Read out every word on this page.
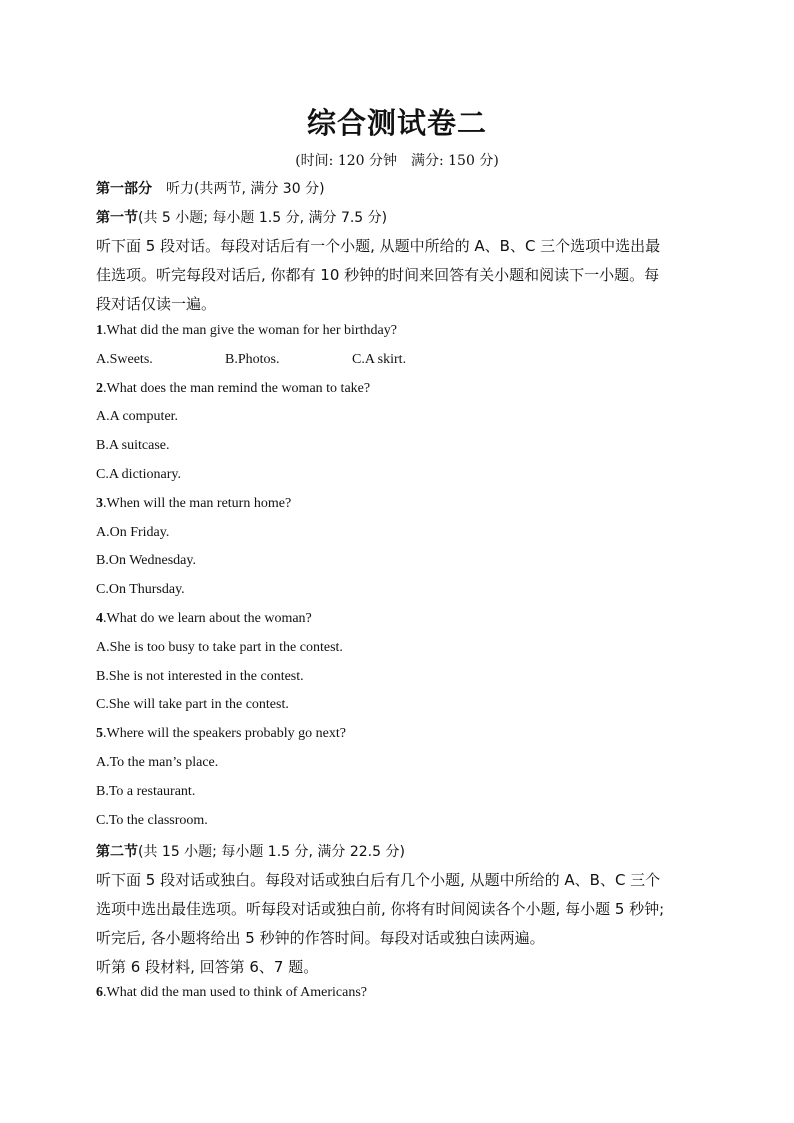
综合测试卷二
(时间: 120 分钟　满分: 150 分)
第一部分　听力(共两节, 满分 30 分)
第一节(共 5 小题; 每小题 1.5 分, 满分 7.5 分)
听下面 5 段对话。每段对话后有一个小题, 从题中所给的 A、B、C 三个选项中选出最
佳选项。听完每段对话后, 你都有 10 秒钟的时间来回答有关小题和阅读下一小题。每
段对话仅读一遍。
1.What did the man give the woman for her birthday?
A.Sweets.	B.Photos.	C.A skirt.
2.What does the man remind the woman to take?
A.A computer.
B.A suitcase.
C.A dictionary.
3.When will the man return home?
A.On Friday.
B.On Wednesday.
C.On Thursday.
4.What do we learn about the woman?
A.She is too busy to take part in the contest.
B.She is not interested in the contest.
C.She will take part in the contest.
5.Where will the speakers probably go next?
A.To the man’s place.
B.To a restaurant.
C.To the classroom.
第二节(共 15 小题; 每小题 1.5 分, 满分 22.5 分)
听下面 5 段对话或独白。每段对话或独白后有几个小题, 从题中所给的 A、B、C 三个
选项中选出最佳选项。听每段对话或独白前, 你将有时间阅读各个小题, 每小题 5 秒钟;
听完后, 各小题将给出 5 秒钟的作答时间。每段对话或独白读两遍。
听第 6 段材料, 回答第 6、7 题。
6.What did the man used to think of Americans?
